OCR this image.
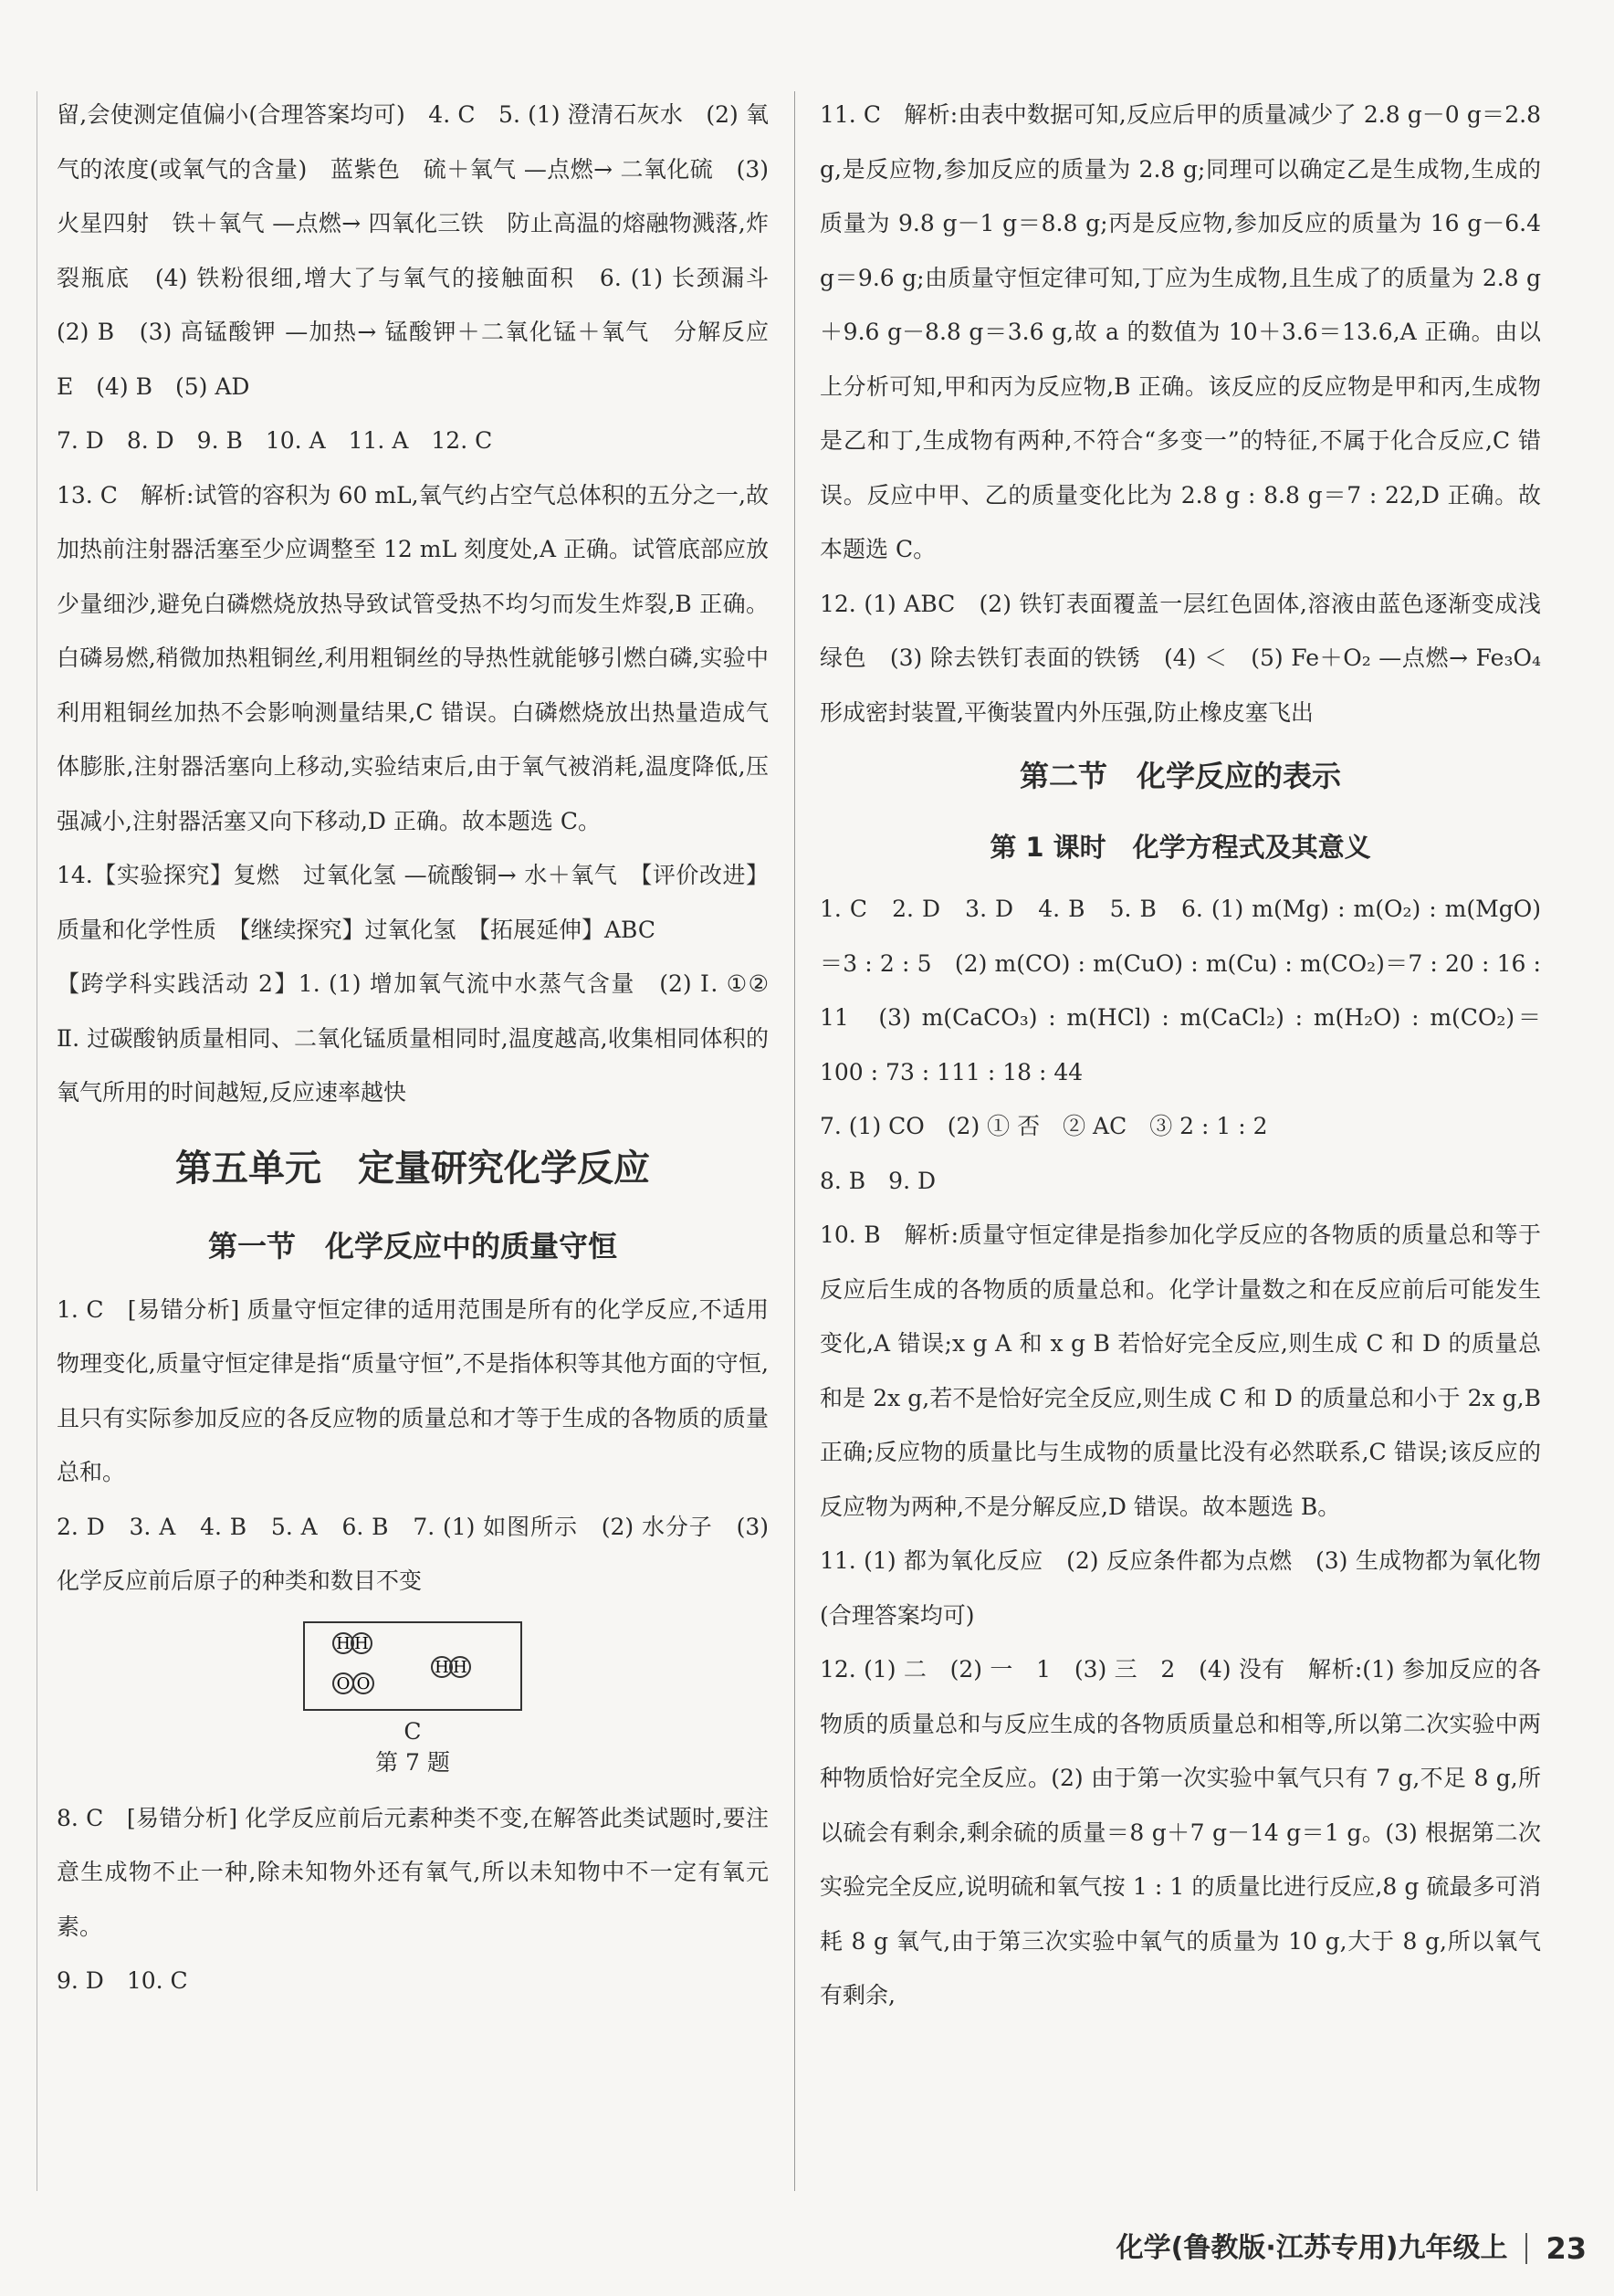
留,会使测定值偏小(合理答案均可)　4. C　5. (1) 澄清石灰水　(2) 氧气的浓度(或氧气的含量)　蓝紫色　硫＋氧气 —点燃→ 二氧化硫　(3) 火星四射　铁＋氧气 —点燃→ 四氧化三铁　防止高温的熔融物溅落,炸裂瓶底　(4) 铁粉很细,增大了与氧气的接触面积　6. (1) 长颈漏斗　(2) B　(3) 高锰酸钾 —加热→ 锰酸钾＋二氧化锰＋氧气　分解反应　E　(4) B　(5) AD

7. D　8. D　9. B　10. A　11. A　12. C

13. C　解析:试管的容积为 60 mL,氧气约占空气总体积的五分之一,故加热前注射器活塞至少应调整至 12 mL 刻度处,A 正确。试管底部应放少量细沙,避免白磷燃烧放热导致试管受热不均匀而发生炸裂,B 正确。白磷易燃,稍微加热粗铜丝,利用粗铜丝的导热性就能够引燃白磷,实验中利用粗铜丝加热不会影响测量结果,C 错误。白磷燃烧放出热量造成气体膨胀,注射器活塞向上移动,实验结束后,由于氧气被消耗,温度降低,压强减小,注射器活塞又向下移动,D 正确。故本题选 C。

14.【实验探究】复燃　过氧化氢 —硫酸铜→ 水＋氧气　【评价改进】质量和化学性质　【继续探究】过氧化氢　【拓展延伸】ABC

【跨学科实践活动 2】1. (1) 增加氧气流中水蒸气含量　(2) Ⅰ. ①②　Ⅱ. 过碳酸钠质量相同、二氧化锰质量相同时,温度越高,收集相同体积的氧气所用的时间越短,反应速率越快

第五单元　定量研究化学反应
第一节　化学反应中的质量守恒

1. C　[易错分析] 质量守恒定律的适用范围是所有的化学反应,不适用物理变化,质量守恒定律是指“质量守恒”,不是指体积等其他方面的守恒,且只有实际参加反应的各反应物的质量总和才等于生成的各物质的质量总和。

2. D　3. A　4. B　5. A　6. B　7. (1) 如图所示　(2) 水分子　(3) 化学反应前后原子的种类和数目不变

H H
O O
H H
C
第 7 题

8. C　[易错分析] 化学反应前后元素种类不变,在解答此类试题时,要注意生成物不止一种,除未知物外还有氧气,所以未知物中不一定有氧元素。

9. D　10. C

11. C　解析:由表中数据可知,反应后甲的质量减少了 2.8 g－0 g＝2.8 g,是反应物,参加反应的质量为 2.8 g;同理可以确定乙是生成物,生成的质量为 9.8 g－1 g＝8.8 g;丙是反应物,参加反应的质量为 16 g－6.4 g＝9.6 g;由质量守恒定律可知,丁应为生成物,且生成了的质量为 2.8 g＋9.6 g－8.8 g＝3.6 g,故 a 的数值为 10＋3.6＝13.6,A 正确。由以上分析可知,甲和丙为反应物,B 正确。该反应的反应物是甲和丙,生成物是乙和丁,生成物有两种,不符合“多变一”的特征,不属于化合反应,C 错误。反应中甲、乙的质量变化比为 2.8 g : 8.8 g＝7 : 22,D 正确。故本题选 C。

12. (1) ABC　(2) 铁钉表面覆盖一层红色固体,溶液由蓝色逐渐变成浅绿色　(3) 除去铁钉表面的铁锈　(4) ＜　(5) Fe＋O₂ —点燃→ Fe₃O₄　形成密封装置,平衡装置内外压强,防止橡皮塞飞出

第二节　化学反应的表示
第 1 课时　化学方程式及其意义

1. C　2. D　3. D　4. B　5. B　6. (1) m(Mg) : m(O₂) : m(MgO)＝3 : 2 : 5　(2) m(CO) : m(CuO) : m(Cu) : m(CO₂)＝7 : 20 : 16 : 11　(3) m(CaCO₃) : m(HCl) : m(CaCl₂) : m(H₂O) : m(CO₂)＝100 : 73 : 111 : 18 : 44

7. (1) CO　(2) ① 否　② AC　③ 2 : 1 : 2

8. B　9. D

10. B　解析:质量守恒定律是指参加化学反应的各物质的质量总和等于反应后生成的各物质的质量总和。化学计量数之和在反应前后可能发生变化,A 错误;x g A 和 x g B 若恰好完全反应,则生成 C 和 D 的质量总和是 2x g,若不是恰好完全反应,则生成 C 和 D 的质量总和小于 2x g,B 正确;反应物的质量比与生成物的质量比没有必然联系,C 错误;该反应的反应物为两种,不是分解反应,D 错误。故本题选 B。

11. (1) 都为氧化反应　(2) 反应条件都为点燃　(3) 生成物都为氧化物(合理答案均可)

12. (1) 二　(2) 一　1　(3) 三　2　(4) 没有　解析:(1) 参加反应的各物质的质量总和与反应生成的各物质质量总和相等,所以第二次实验中两种物质恰好完全反应。(2) 由于第一次实验中氧气只有 7 g,不足 8 g,所以硫会有剩余,剩余硫的质量＝8 g＋7 g－14 g＝1 g。(3) 根据第二次实验完全反应,说明硫和氧气按 1 : 1 的质量比进行反应,8 g 硫最多可消耗 8 g 氧气,由于第三次实验中氧气的质量为 10 g,大于 8 g,所以氧气有剩余,

化学(鲁教版·江苏专用)九年级上 23
